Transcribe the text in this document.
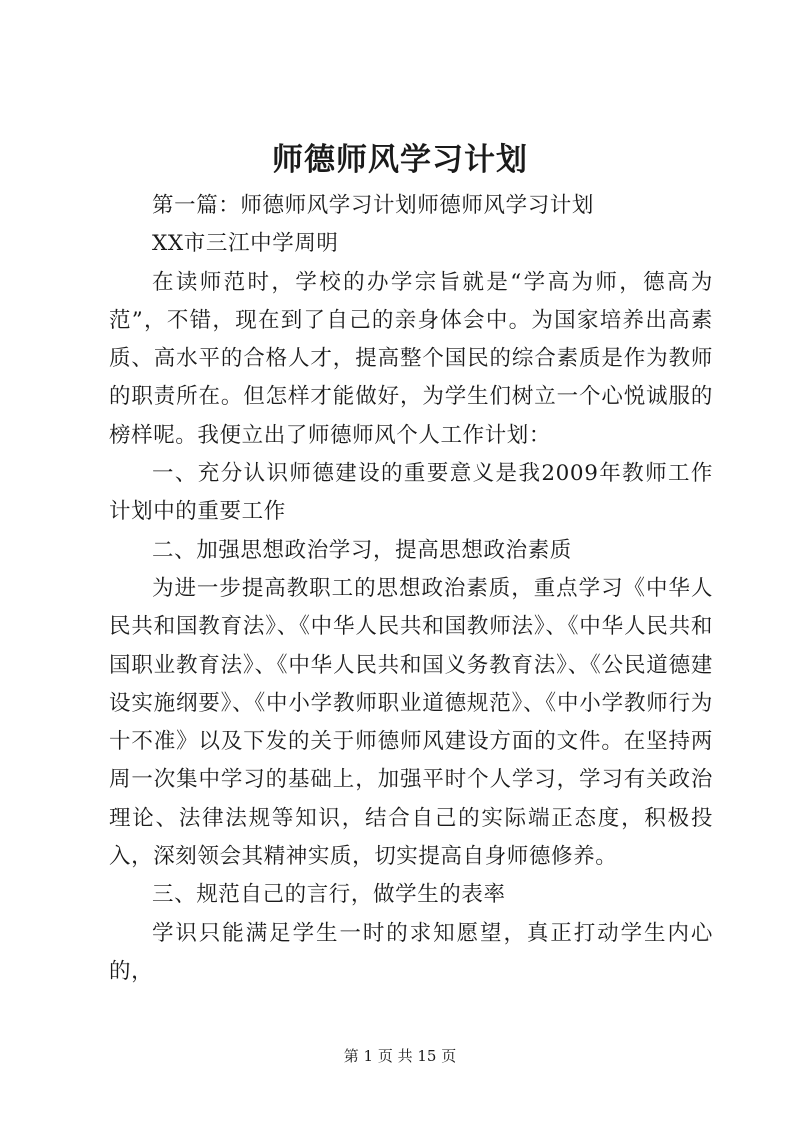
师德师风学习计划

第一篇：师德师风学习计划师德师风学习计划

XX市三江中学周明

在读师范时，学校的办学宗旨就是“学高为师，德高为范”，不错，现在到了自己的亲身体会中。为国家培养出高素质、高水平的合格人才，提高整个国民的综合素质是作为教师的职责所在。但怎样才能做好，为学生们树立一个心悦诚服的榜样呢。我便立出了师德师风个人工作计划：

一、充分认识师德建设的重要意义是我2009年教师工作计划中的重要工作

二、加强思想政治学习，提高思想政治素质

为进一步提高教职工的思想政治素质，重点学习《中华人民共和国教育法》、《中华人民共和国教师法》、《中华人民共和国职业教育法》、《中华人民共和国义务教育法》、《公民道德建设实施纲要》、《中小学教师职业道德规范》、《中小学教师行为十不准》以及下发的关于师德师风建设方面的文件。在坚持两周一次集中学习的基础上，加强平时个人学习，学习有关政治理论、法律法规等知识，结合自己的实际端正态度，积极投入，深刻领会其精神实质，切实提高自身师德修养。

三、规范自己的言行，做学生的表率

学识只能满足学生一时的求知愿望，真正打动学生内心的，

第 1 页 共 15 页
